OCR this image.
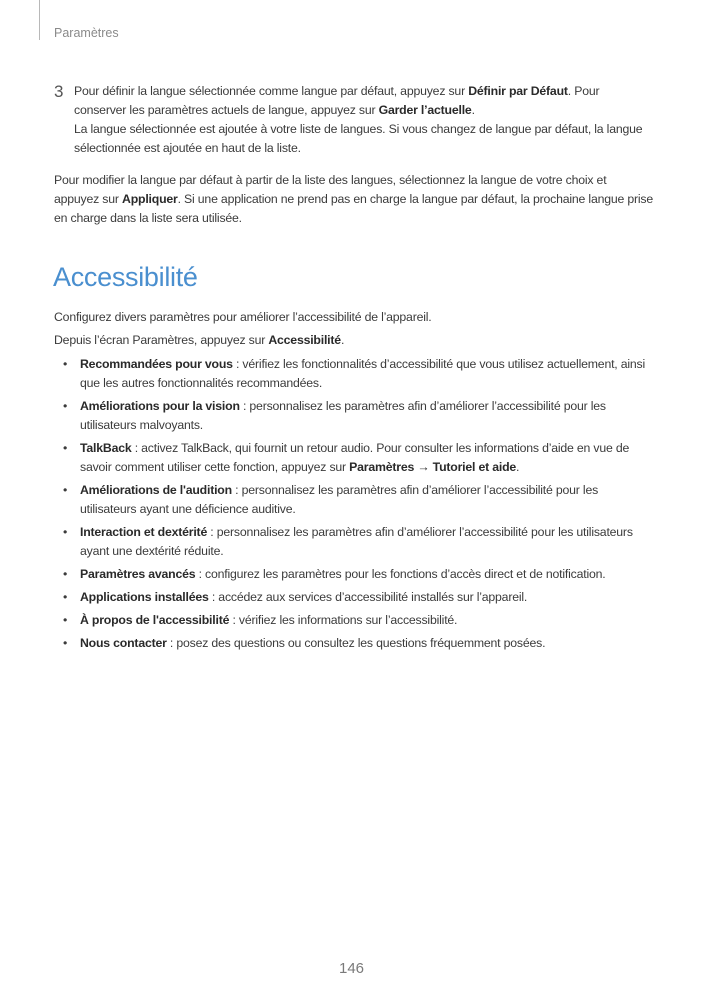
Paramètres
3 Pour définir la langue sélectionnée comme langue par défaut, appuyez sur Définir par Défaut. Pour conserver les paramètres actuels de langue, appuyez sur Garder l’actuelle.

La langue sélectionnée est ajoutée à votre liste de langues. Si vous changez de langue par défaut, la langue sélectionnée est ajoutée en haut de la liste.

Pour modifier la langue par défaut à partir de la liste des langues, sélectionnez la langue de votre choix et appuyez sur Appliquer. Si une application ne prend pas en charge la langue par défaut, la prochaine langue prise en charge dans la liste sera utilisée.

Accessibilité

Configurez divers paramètres pour améliorer l’accessibilité de l’appareil.

Depuis l’écran Paramètres, appuyez sur Accessibilité.

• Recommandées pour vous : vérifiez les fonctionnalités d’accessibilité que vous utilisez actuellement, ainsi que les autres fonctionnalités recommandées.
• Améliorations pour la vision : personnalisez les paramètres afin d’améliorer l’accessibilité pour les utilisateurs malvoyants.
• TalkBack : activez TalkBack, qui fournit un retour audio. Pour consulter les informations d’aide en vue de savoir comment utiliser cette fonction, appuyez sur Paramètres → Tutoriel et aide.
• Améliorations de l'audition : personnalisez les paramètres afin d’améliorer l’accessibilité pour les utilisateurs ayant une déficience auditive.
• Interaction et dextérité : personnalisez les paramètres afin d’améliorer l’accessibilité pour les utilisateurs ayant une dextérité réduite.
• Paramètres avancés : configurez les paramètres pour les fonctions d’accès direct et de notification.
• Applications installées : accédez aux services d’accessibilité installés sur l’appareil.
• À propos de l'accessibilité : vérifiez les informations sur l’accessibilité.
• Nous contacter : posez des questions ou consultez les questions fréquemment posées.
146
